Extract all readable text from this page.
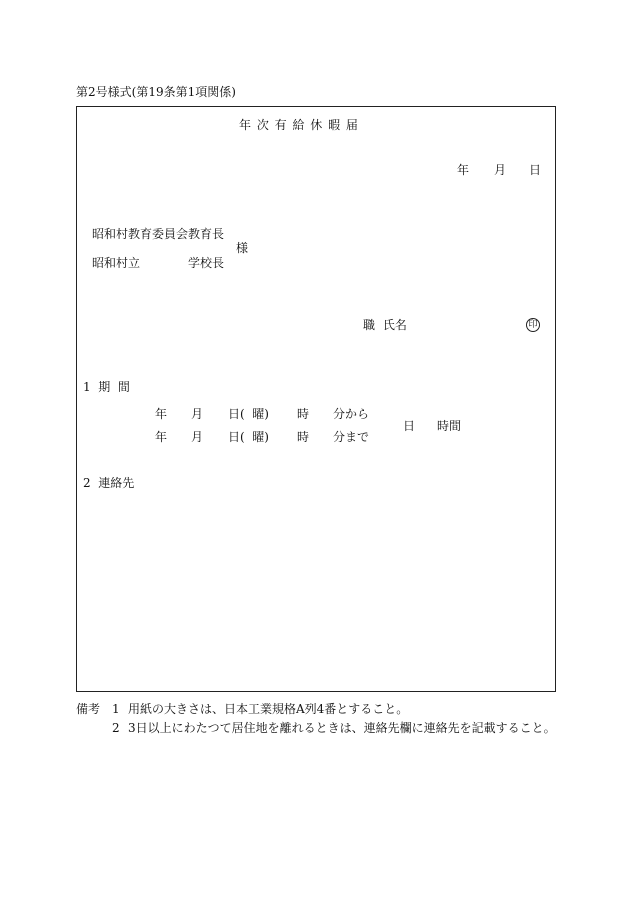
第2号様式(第19条第1項関係)
年 次 有 給 休 暇 届
年 月 日
昭和村教育委員会教育長
様
昭和村立	学校長
職 氏名	印
1  期  間
年 月 日(  曜) 時 分から
年 月 日(  曜) 時 分まで
日 時間
2  連絡先
備考 1 用紙の大きさは、日本工業規格A列4番とすること。
2 3日以上にわたつて居住地を離れるときは、連絡先欄に連絡先を記載すること。
